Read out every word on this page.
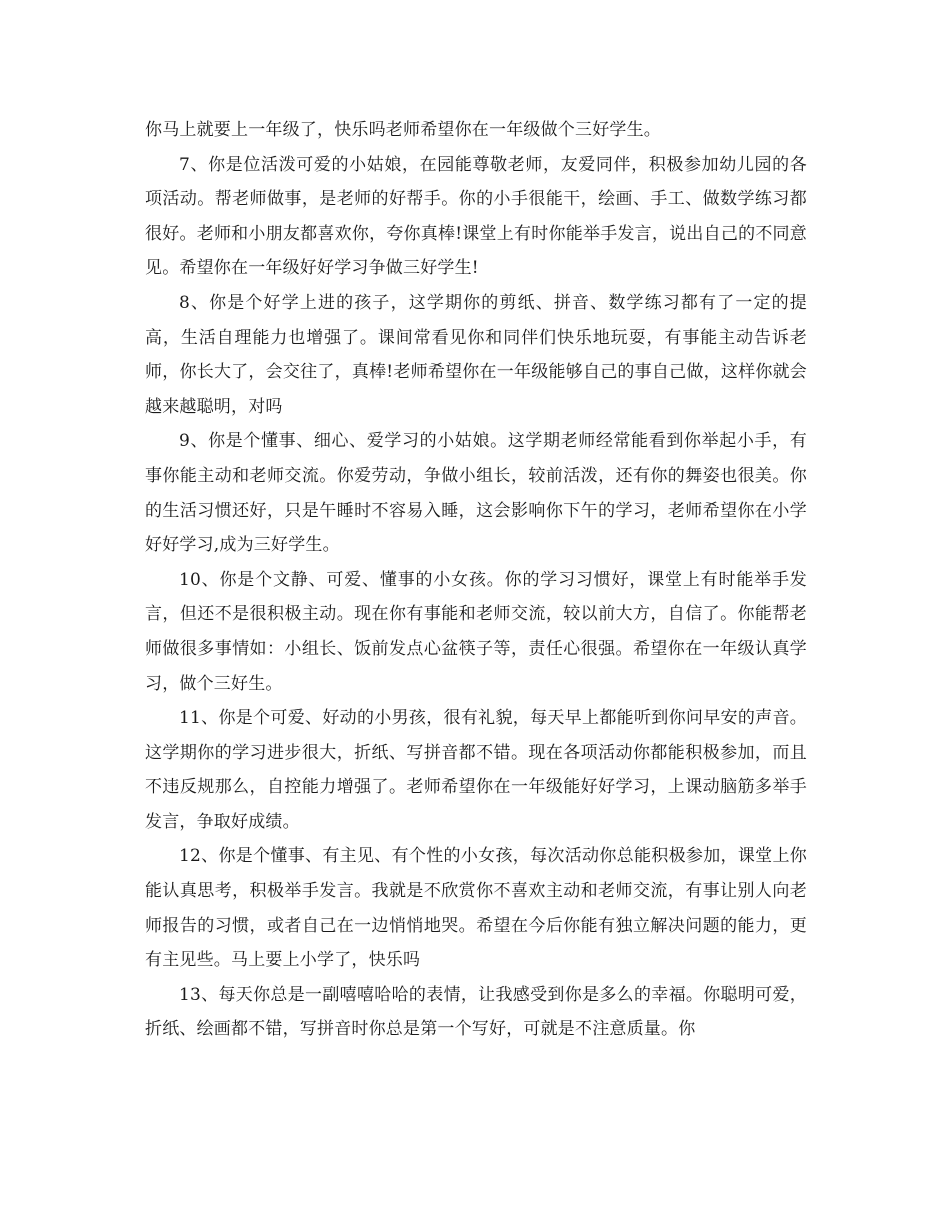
你马上就要上一年级了，快乐吗老师希望你在一年级做个三好学生。

7、你是位活泼可爱的小姑娘，在园能尊敬老师，友爱同伴，积极参加幼儿园的各项活动。帮老师做事，是老师的好帮手。你的小手很能干，绘画、手工、做数学练习都很好。老师和小朋友都喜欢你，夸你真棒!课堂上有时你能举手发言，说出自己的不同意见。希望你在一年级好好学习争做三好学生!

8、你是个好学上进的孩子，这学期你的剪纸、拼音、数学练习都有了一定的提高，生活自理能力也增强了。课间常看见你和同伴们快乐地玩耍，有事能主动告诉老师，你长大了，会交往了，真棒!老师希望你在一年级能够自己的事自己做，这样你就会越来越聪明，对吗

9、你是个懂事、细心、爱学习的小姑娘。这学期老师经常能看到你举起小手，有事你能主动和老师交流。你爱劳动，争做小组长，较前活泼，还有你的舞姿也很美。你的生活习惯还好，只是午睡时不容易入睡，这会影响你下午的学习，老师希望你在小学好好学习,成为三好学生。

10、你是个文静、可爱、懂事的小女孩。你的学习习惯好，课堂上有时能举手发言，但还不是很积极主动。现在你有事能和老师交流，较以前大方，自信了。你能帮老师做很多事情如：小组长、饭前发点心盆筷子等，责任心很强。希望你在一年级认真学习，做个三好生。

11、你是个可爱、好动的小男孩，很有礼貌，每天早上都能听到你问早安的声音。这学期你的学习进步很大，折纸、写拼音都不错。现在各项活动你都能积极参加，而且不违反规那么，自控能力增强了。老师希望你在一年级能好好学习，上课动脑筋多举手发言，争取好成绩。

12、你是个懂事、有主见、有个性的小女孩，每次活动你总能积极参加，课堂上你能认真思考，积极举手发言。我就是不欣赏你不喜欢主动和老师交流，有事让别人向老师报告的习惯，或者自己在一边悄悄地哭。希望在今后你能有独立解决问题的能力，更有主见些。马上要上小学了，快乐吗

13、每天你总是一副嘻嘻哈哈的表情，让我感受到你是多么的幸福。你聪明可爱，折纸、绘画都不错，写拼音时你总是第一个写好，可就是不注意质量。你
